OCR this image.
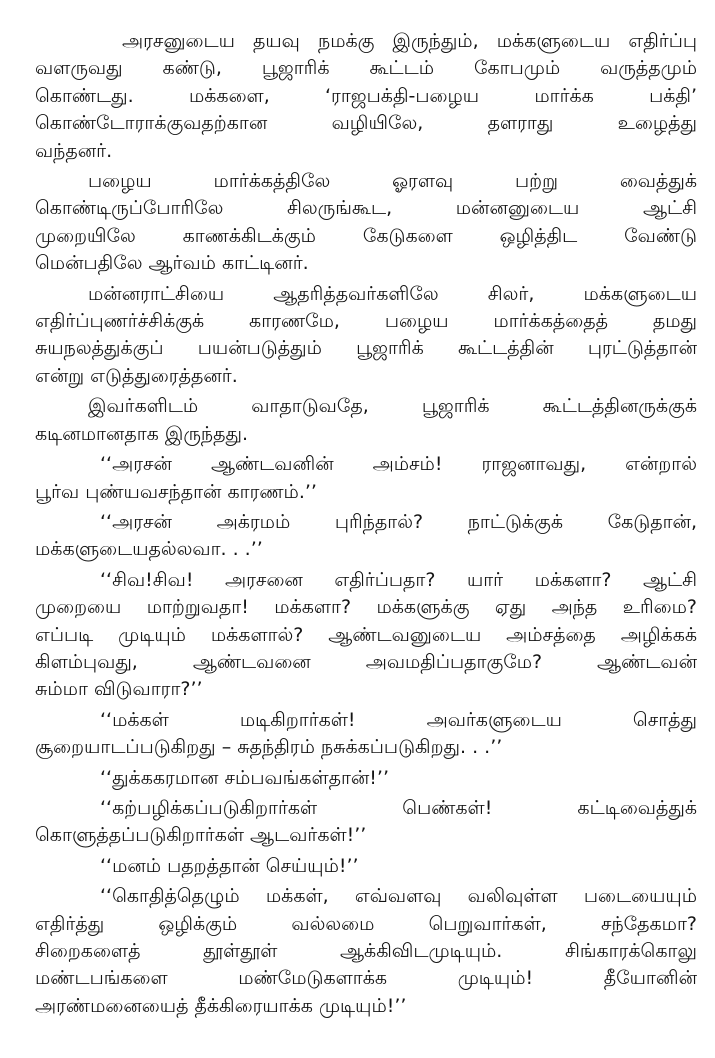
அரசனுடைய தயவு நமக்கு இருந்தும், மக்களுடைய எதிர்ப்பு
வளருவது கண்டு, பூஜாரிக் கூட்டம் கோபமும் வருத்தமும்
கொண்டது. மக்களை, ‘ராஜபக்தி-பழைய மார்க்க பக்தி’
கொண்டோராக்குவதற்கான வழியிலே, தளராது உழைத்து
வந்தனர்.
பழைய மார்க்கத்திலே ஓரளவு பற்று வைத்துக்
கொண்டிருப்போரிலே சிலருங்கூட, மன்னனுடைய ஆட்சி
முறையிலே காணக்கிடக்கும் கேடுகளை ஒழித்திட வேண்டு
மென்பதிலே ஆர்வம் காட்டினர்.
மன்னராட்சியை ஆதரித்தவர்களிலே சிலர், மக்களுடைய
எதிர்ப்புணர்ச்சிக்குக் காரணமே, பழைய மார்க்கத்தைத் தமது
சுயநலத்துக்குப் பயன்படுத்தும் பூஜாரிக் கூட்டத்தின் புரட்டுத்தான்
என்று எடுத்துரைத்தனர்.
இவர்களிடம் வாதாடுவதே, பூஜாரிக் கூட்டத்தினருக்குக்
கடினமானதாக இருந்தது.
‘‘அரசன் ஆண்டவனின் அம்சம்! ராஜனாவது, என்றால்
பூர்வ புண்யவசந்தான் காரணம்.’’
‘‘அரசன் அக்ரமம் புரிந்தால்? நாட்டுக்குக் கேடுதான்,
மக்களுடையதல்லவா. . .’’
‘‘சிவ!சிவ! அரசனை எதிர்ப்பதா? யார் மக்களா? ஆட்சி
முறையை மாற்றுவதா! மக்களா? மக்களுக்கு ஏது அந்த உரிமை?
எப்படி முடியும் மக்களால்? ஆண்டவனுடைய அம்சத்தை அழிக்கக்
கிளம்புவது, ஆண்டவனை அவமதிப்பதாகுமே? ஆண்டவன்
சும்மா விடுவாரா?’’
‘‘மக்கள் மடிகிறார்கள்! அவர்களுடைய சொத்து
சூறையாடப்படுகிறது – சுதந்திரம் நசுக்கப்படுகிறது. . .’’
‘‘துக்ககரமான சம்பவங்கள்தான்!’’
‘‘கற்பழிக்கப்படுகிறார்கள் பெண்கள்! கட்டிவைத்துக்
கொளுத்தப்படுகிறார்கள் ஆடவர்கள்!’’
‘‘மனம் பதறத்தான் செய்யும்!’’
‘‘கொதித்தெழும் மக்கள், எவ்வளவு வலிவுள்ள படையையும்
எதிர்த்து ஒழிக்கும் வல்லமை பெறுவார்கள், சந்தேகமா?
சிறைகளைத் தூள்தூள் ஆக்கிவிடமுடியும். சிங்காரக்கொலு
மண்டபங்களை மண்மேடுகளாக்க முடியும்! தீயோனின்
அரண்மனையைத் தீக்கிரையாக்க முடியும்!’’
